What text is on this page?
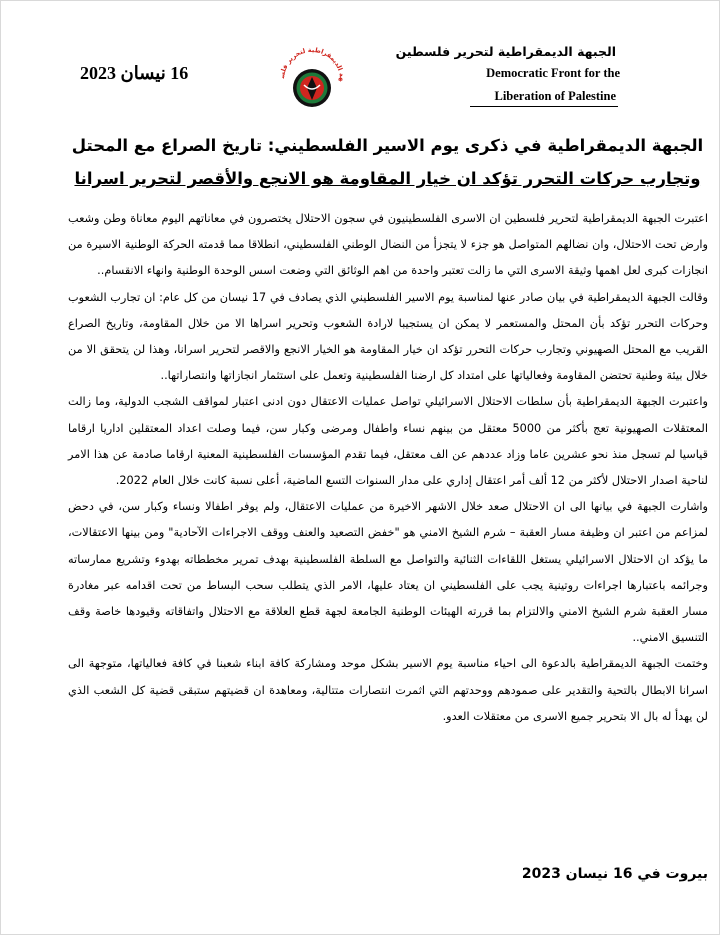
الجبهة الديمقراطية لتحرير فلسطين
Democratic Front for the
Liberation of Palestine
16 نيسان 2023	هة الديمقراطية لتحرير فلس
الجبهة الديمقراطية في ذكرى يوم الاسير الفلسطيني: تاريخ الصراع مع المحتل
وتجارب حركات التحرر تؤكد ان خيار المقاومة هو الانجع والأقصر لتحرير اسرانا

اعتبرت الجبهة الديمقراطية لتحرير فلسطين ان الاسرى الفلسطينيون في سجون الاحتلال يختصرون في معاناتهم اليوم معاناة وطن وشعب وارض تحت الاحتلال، وان نضالهم المتواصل هو جزء لا يتجزأ من النضال الوطني الفلسطيني، انطلاقا مما قدمته الحركة الوطنية الاسيرة من انجازات كبرى لعل اهمها وثيقة الاسرى التي ما زالت تعتبر واحدة من اهم الوثائق التي وضعت اسس الوحدة الوطنية وانهاء الانقسام..

وقالت الجبهة الديمقراطية في بيان صادر عنها لمناسبة يوم الاسير الفلسطيني الذي يصادف في 17 نيسان من كل عام: ان تجارب الشعوب وحركات التحرر تؤكد بأن المحتل والمستعمر لا يمكن ان يستجيبا لارادة الشعوب وتحرير اسراها الا من خلال المقاومة، وتاريخ الصراع القريب مع المحتل الصهيوني وتجارب حركات التحرر تؤكد ان خيار المقاومة هو الخيار الانجع والاقصر لتحرير اسرانا، وهذا لن يتحقق الا من خلال بيئة وطنية تحتضن المقاومة وفعالياتها على امتداد كل ارضنا الفلسطينية وتعمل على استثمار انجازاتها وانتصاراتها..

واعتبرت الجبهة الديمقراطية بأن سلطات الاحتلال الاسرائيلي تواصل عمليات الاعتقال دون ادنى اعتبار لمواقف الشجب الدولية، وما زالت المعتقلات الصهيونية تعج بأكثر من 5000 معتقل من بينهم نساء واطفال ومرضى وكبار سن، فيما وصلت اعداد المعتقلين اداريا ارقاما قياسيا لم تسجل منذ نحو عشرين عاما وزاد عددهم عن الف معتقل، فيما تقدم المؤسسات الفلسطينية المعنية ارقاما صادمة عن هذا الامر لناحية اصدار الاحتلال لأكثر من 12 ألف أمر اعتقال إداري على مدار السنوات التسع الماضية، أعلى نسبة كانت خلال العام 2022.

واشارت الجبهة في بيانها الى ان الاحتلال صعد خلال الاشهر الاخيرة من عمليات الاعتقال، ولم يوفر اطفالا ونساء وكبار سن، في دحض لمزاعم من اعتبر ان وظيفة مسار العقبة – شرم الشيخ الامني هو "خفض التصعيد والعنف ووقف الاجراءات الآحادية" ومن بينها الاعتقالات، ما يؤكد ان الاحتلال الاسرائيلي يستغل اللقاءات الثنائية والتواصل مع السلطة الفلسطينية بهدف تمرير مخططاته بهدوء وتشريع ممارساته وجرائمه باعتبارها اجراءات روتينية يجب على الفلسطيني ان يعتاد عليها، الامر الذي يتطلب سحب البساط من تحت اقدامه عبر مغادرة مسار العقبة شرم الشيخ الامني والالتزام بما قررته الهيئات الوطنية الجامعة لجهة قطع العلاقة مع الاحتلال واتفاقاته وقيودها خاصة وقف التنسيق الامني..

وختمت الجبهة الديمقراطية بالدعوة الى احياء مناسبة يوم الاسير بشكل موحد ومشاركة كافة ابناء شعبنا في كافة فعالياتها، متوجهة الى اسرانا الابطال بالتحية والتقدير على صمودهم ووحدتهم التي اثمرت انتصارات متتالية، ومعاهدة ان قضيتهم ستبقى قضية كل الشعب الذي لن يهدأ له بال الا بتحرير جميع الاسرى من معتقلات العدو.

بيروت في 16 نيسان 2023
